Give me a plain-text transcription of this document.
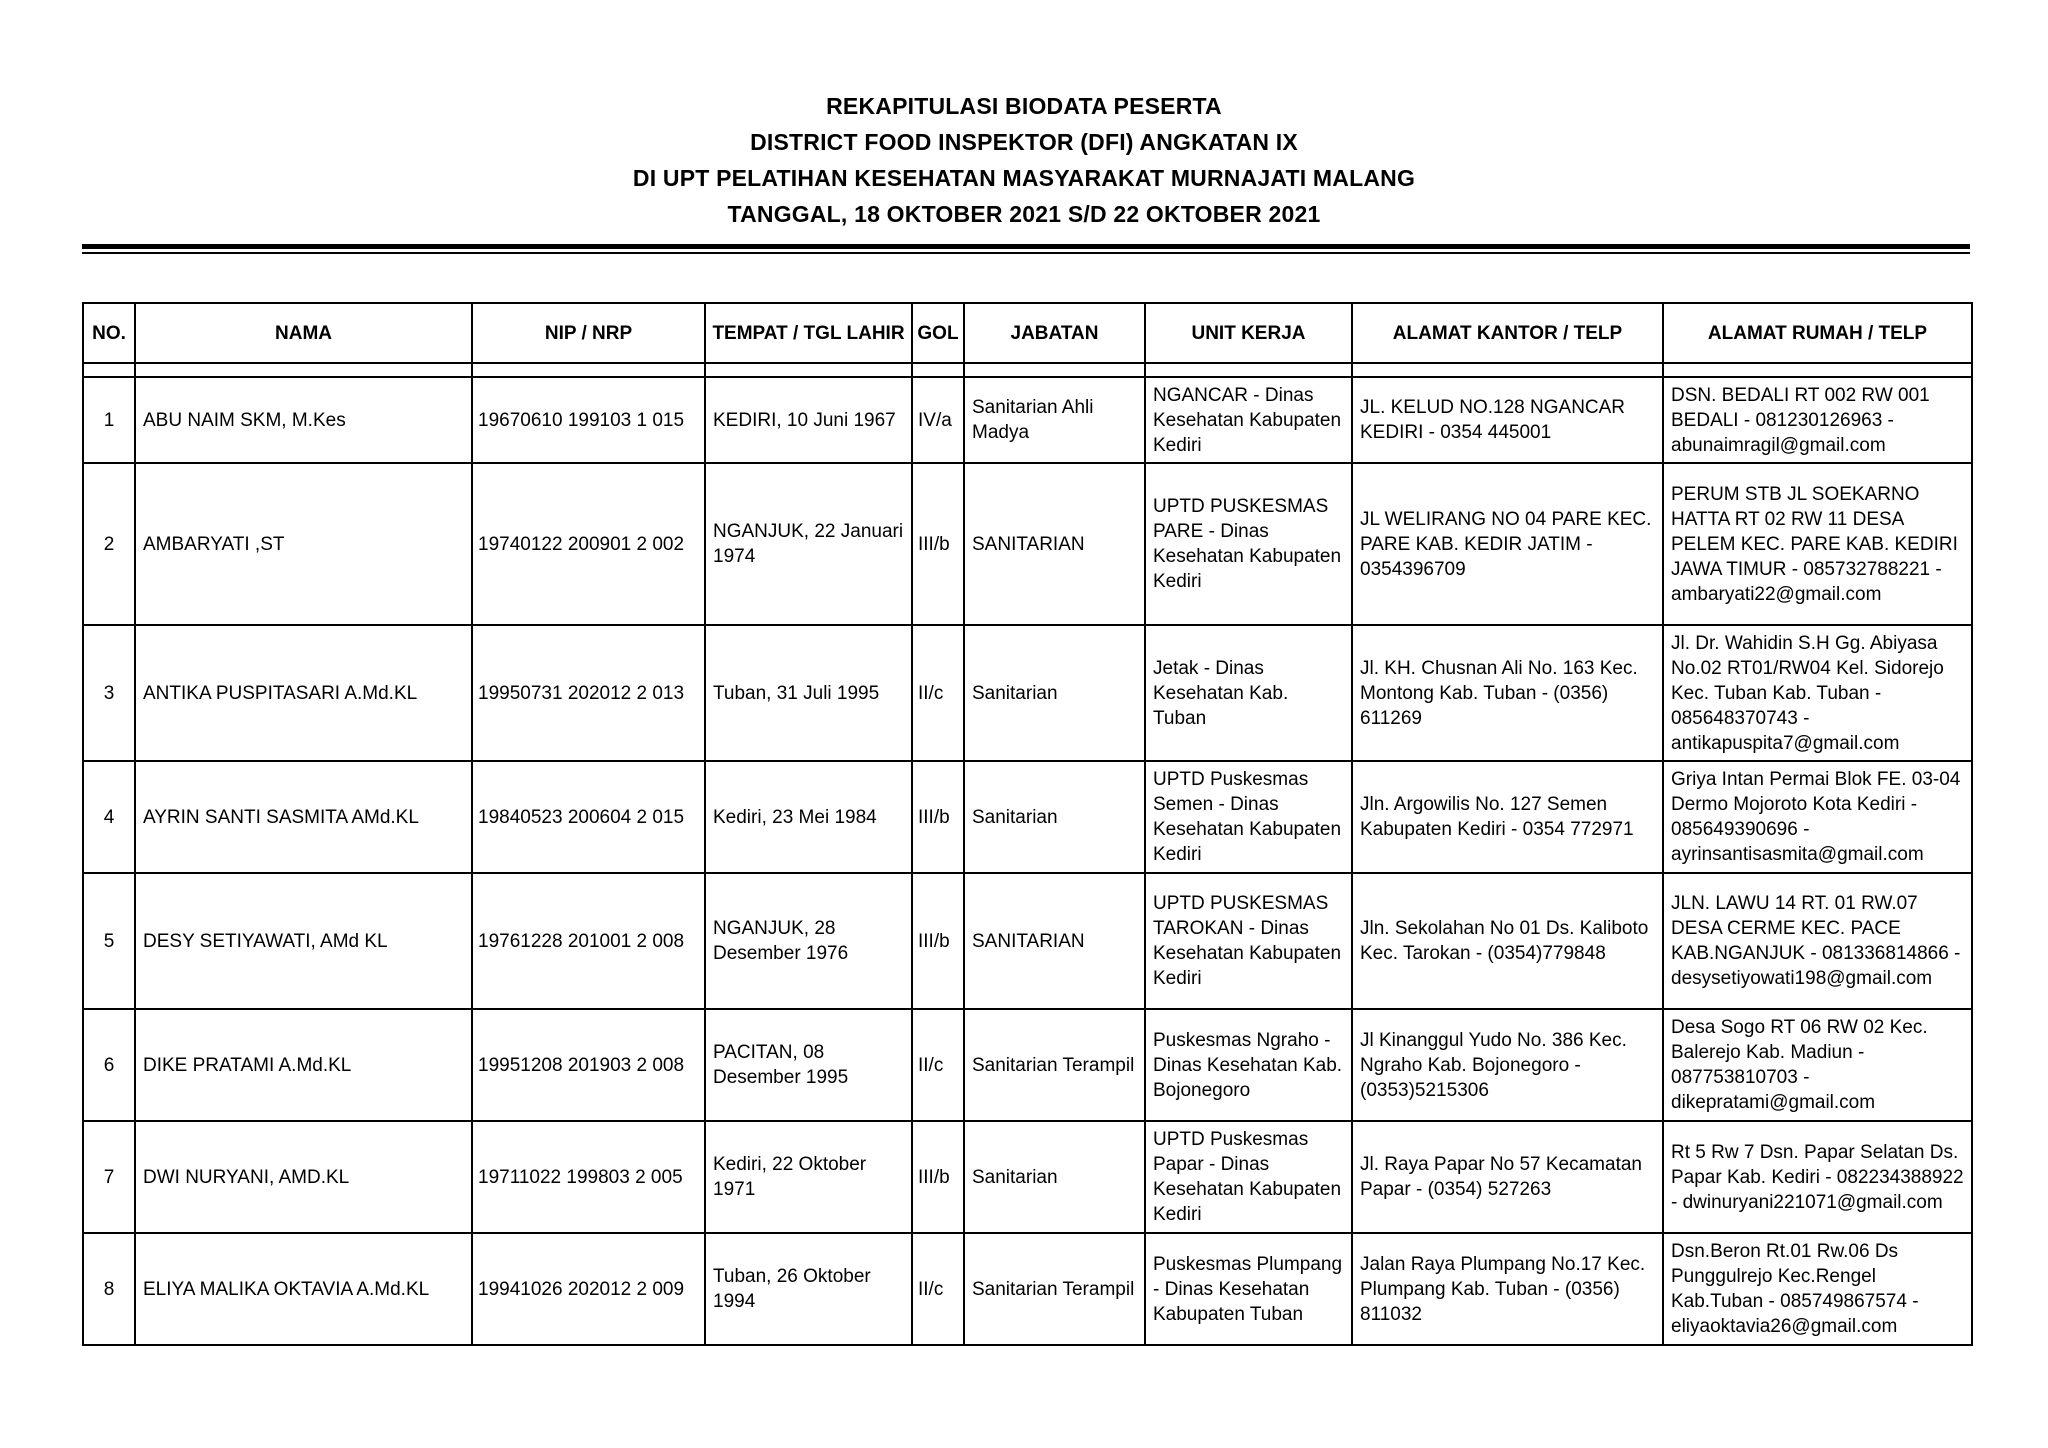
REKAPITULASI BIODATA PESERTA
DISTRICT FOOD INSPEKTOR (DFI) ANGKATAN IX
DI UPT PELATIHAN KESEHATAN MASYARAKAT MURNAJATI MALANG
TANGGAL, 18 OKTOBER 2021 S/D 22 OKTOBER 2021
NO.	NAMA	NIP / NRP	TEMPAT / TGL LAHIR	GOL	JABATAN	UNIT KERJA	ALAMAT KANTOR / TELP	ALAMAT RUMAH / TELP

1	ABU NAIM SKM, M.Kes	19670610 199103 1 015	KEDIRI, 10 Juni 1967	IV/a	Sanitarian Ahli Madya	NGANCAR - Dinas Kesehatan Kabupaten Kediri	JL. KELUD NO.128 NGANCAR KEDIRI - 0354 445001	DSN. BEDALI RT 002 RW 001 BEDALI - 081230126963 - abunaimragil@gmail.com
2	AMBARYATI ,ST	19740122 200901 2 002	NGANJUK, 22 Januari 1974	III/b	SANITARIAN	UPTD PUSKESMAS PARE - Dinas Kesehatan Kabupaten Kediri	JL WELIRANG NO 04 PARE KEC. PARE KAB. KEDIR JATIM - 0354396709	PERUM STB JL SOEKARNO HATTA RT 02 RW 11 DESA PELEM KEC. PARE KAB. KEDIRI JAWA TIMUR - 085732788221 - ambaryati22@gmail.com
3	ANTIKA PUSPITASARI A.Md.KL	19950731 202012 2 013	Tuban, 31 Juli 1995	II/c	Sanitarian	Jetak - Dinas Kesehatan Kab. Tuban	Jl. KH. Chusnan Ali No. 163 Kec. Montong Kab. Tuban - (0356) 611269	Jl. Dr. Wahidin S.H Gg. Abiyasa No.02 RT01/RW04 Kel. Sidorejo Kec. Tuban Kab. Tuban - 085648370743 - antikapuspita7@gmail.com
4	AYRIN SANTI SASMITA AMd.KL	19840523 200604 2 015	Kediri, 23 Mei 1984	III/b	Sanitarian	UPTD Puskesmas Semen - Dinas Kesehatan Kabupaten Kediri	Jln. Argowilis No. 127 Semen Kabupaten Kediri - 0354 772971	Griya Intan Permai Blok FE. 03-04 Dermo Mojoroto Kota Kediri - 085649390696 - ayrinsantisasmita@gmail.com
5	DESY SETIYAWATI, AMd KL	19761228 201001 2 008	NGANJUK, 28 Desember 1976	III/b	SANITARIAN	UPTD PUSKESMAS TAROKAN - Dinas Kesehatan Kabupaten Kediri	Jln. Sekolahan No 01 Ds. Kaliboto Kec. Tarokan - (0354)779848	JLN. LAWU 14 RT. 01 RW.07 DESA CERME KEC. PACE KAB.NGANJUK - 081336814866 - desysetiyowati198@gmail.com
6	DIKE PRATAMI A.Md.KL	19951208 201903 2 008	PACITAN, 08 Desember 1995	II/c	Sanitarian Terampil	Puskesmas Ngraho - Dinas Kesehatan Kab. Bojonegoro	Jl Kinanggul Yudo No. 386 Kec. Ngraho Kab. Bojonegoro - (0353)5215306	Desa Sogo RT 06 RW 02 Kec. Balerejo Kab. Madiun - 087753810703 - dikepratami@gmail.com
7	DWI NURYANI, AMD.KL	19711022 199803 2 005	Kediri, 22 Oktober 1971	III/b	Sanitarian	UPTD Puskesmas Papar - Dinas Kesehatan Kabupaten Kediri	Jl. Raya Papar No 57 Kecamatan Papar - (0354) 527263	Rt 5 Rw 7 Dsn. Papar Selatan Ds. Papar Kab. Kediri - 082234388922 - dwinuryani221071@gmail.com
8	ELIYA MALIKA OKTAVIA A.Md.KL	19941026 202012 2 009	Tuban, 26 Oktober 1994	II/c	Sanitarian Terampil	Puskesmas Plumpang - Dinas Kesehatan Kabupaten Tuban	Jalan Raya Plumpang No.17 Kec. Plumpang Kab. Tuban - (0356) 811032	Dsn.Beron Rt.01 Rw.06 Ds Punggulrejo Kec.Rengel Kab.Tuban - 085749867574 - eliyaoktavia26@gmail.com
